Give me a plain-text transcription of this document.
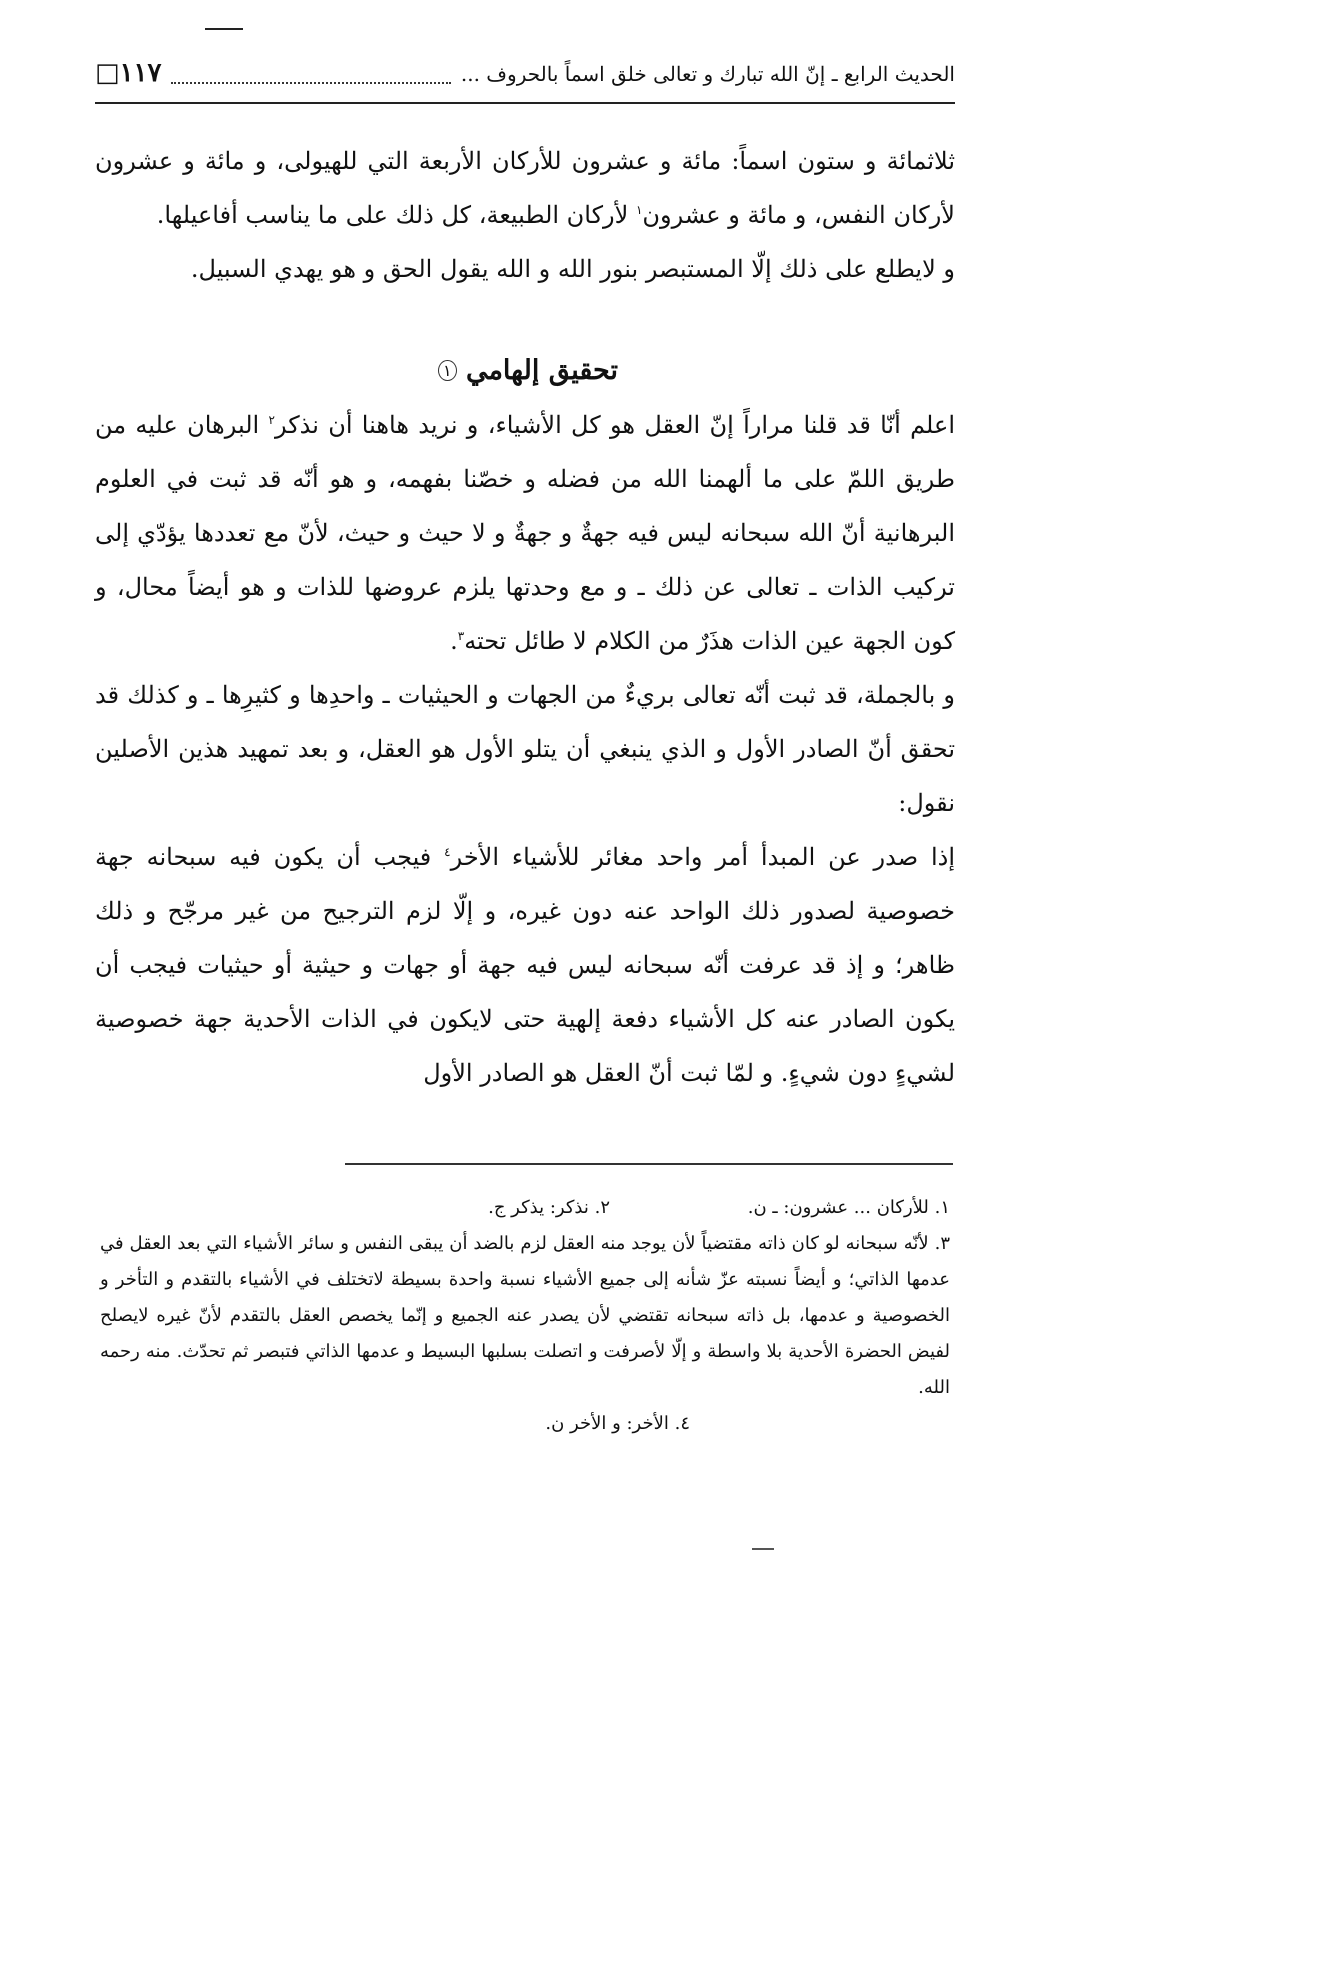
الحديث الرابع ـ إنّ الله تبارك و تعالى خلق اسماً بالحروف ...
□١١٧

ثلاثمائة و ستون اسماً: مائة و عشرون للأركان الأربعة التي للهيولى، و مائة و عشرون لأركان النفس، و مائة و عشرون$^١$ لأركان الطبيعة، كل ذلك على ما يناسب أفاعيلها.

و لايطلع على ذلك إلّا المستبصر بنور الله و الله يقول الحق و هو يهدي السبيل.

تحقيق إلهامي $^١$

اعلم أنّا قد قلنا مراراً إنّ العقل هو كل الأشياء، و نريد هاهنا أن نذكر$^٢$ البرهان عليه من طريق اللمّ على ما ألهمنا الله من فضله و خصّنا بفهمه، و هو أنّه قد ثبت في العلوم البرهانية أنّ الله سبحانه ليس فيه جهةٌ و جهةٌ و لا حيث و حيث، لأنّ مع تعددها يؤدّي إلى تركيب الذات ـ تعالى عن ذلك ـ و مع وحدتها يلزم عروضها للذات و هو أيضاً محال، و كون الجهة عين الذات هذَرٌ من الكلام لا طائل تحته$^٣$.

و بالجملة، قد ثبت أنّه تعالى بريءٌ من الجهات و الحيثيات ـ واحدِها و كثيرِها ـ و كذلك قد تحقق أنّ الصادر الأول و الذي ينبغي أن يتلو الأول هو العقل، و بعد تمهيد هذين الأصلين نقول:

إذا صدر عن المبدأ أمر واحد مغائر للأشياء الأخر$^٤$ فيجب أن يكون فيه سبحانه جهة خصوصية لصدور ذلك الواحد عنه دون غيره، و إلّا لزم الترجيح من غير مرجّح و ذلك ظاهر؛ و إذ قد عرفت أنّه سبحانه ليس فيه جهة أو جهات و حيثية أو حيثيات فيجب أن يكون الصادر عنه كل الأشياء دفعة إلهية حتى لايكون في الذات الأحدية جهة خصوصية لشيءٍ دون شيءٍ. و لمّا ثبت أنّ العقل هو الصادر الأول

١. للأركان ... عشرون: ـ ن.
٢. نذكر: يذكر ج.

٣. لأنّه سبحانه لو كان ذاته مقتضياً لأن يوجد منه العقل لزم بالضد أن يبقى النفس و سائر الأشياء التي بعد العقل في عدمها الذاتي؛ و أيضاً نسبته عزّ شأنه إلى جميع الأشياء نسبة واحدة بسيطة لاتختلف في الأشياء بالتقدم و التأخر و الخصوصية و عدمها، بل ذاته سبحانه تقتضي لأن يصدر عنه الجميع و إنّما يخصص العقل بالتقدم لأنّ غيره لايصلح لفيض الحضرة الأحدية بلا واسطة و إلّا لأصرفت و اتصلت بسلبها البسيط و عدمها الذاتي فتبصر ثم تحدّث. منه رحمه الله.

٤. الأخر: و الأخر ن.
